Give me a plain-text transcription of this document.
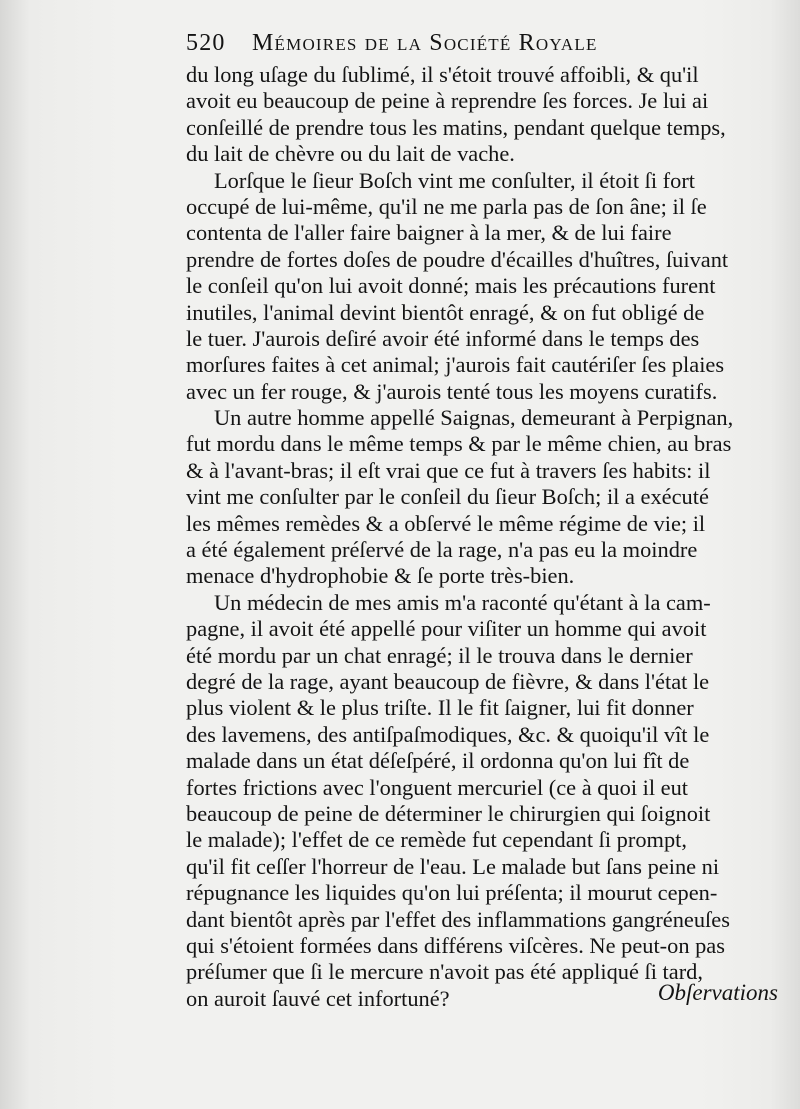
520 Mémoires de la Société Royale
du long uſage du ſublimé, il s'étoit trouvé affoibli, & qu'il
avoit eu beaucoup de peine à reprendre ſes forces. Je lui ai
conſeillé de prendre tous les matins, pendant quelque temps,
du lait de chèvre ou du lait de vache.
Lorſque le ſieur Boſch vint me conſulter, il étoit ſi fort
occupé de lui-même, qu'il ne me parla pas de ſon âne; il ſe
contenta de l'aller faire baigner à la mer, & de lui faire
prendre de fortes doſes de poudre d'écailles d'huîtres, ſuivant
le conſeil qu'on lui avoit donné; mais les précautions furent
inutiles, l'animal devint bientôt enragé, & on fut obligé de
le tuer. J'aurois deſiré avoir été informé dans le temps des
morſures faites à cet animal; j'aurois fait cautériſer ſes plaies
avec un fer rouge, & j'aurois tenté tous les moyens curatifs.
Un autre homme appellé Saignas, demeurant à Perpignan,
fut mordu dans le même temps & par le même chien, au bras
& à l'avant-bras; il eſt vrai que ce fut à travers ſes habits: il
vint me conſulter par le conſeil du ſieur Boſch; il a exécuté
les mêmes remèdes & a obſervé le même régime de vie; il
a été également préſervé de la rage, n'a pas eu la moindre
menace d'hydrophobie & ſe porte très-bien.
Un médecin de mes amis m'a raconté qu'étant à la cam-
pagne, il avoit été appellé pour viſiter un homme qui avoit
été mordu par un chat enragé; il le trouva dans le dernier
degré de la rage, ayant beaucoup de fièvre, & dans l'état le
plus violent & le plus triſte. Il le fit ſaigner, lui fit donner
des lavemens, des antiſpaſmodiques, &c. & quoiqu'il vît le
malade dans un état déſeſpéré, il ordonna qu'on lui fît de
fortes frictions avec l'onguent mercuriel (ce à quoi il eut
beaucoup de peine de déterminer le chirurgien qui ſoignoit
le malade); l'effet de ce remède fut cependant ſi prompt,
qu'il fit ceſſer l'horreur de l'eau. Le malade but ſans peine ni
répugnance les liquides qu'on lui préſenta; il mourut cepen-
dant bientôt après par l'effet des inflammations gangréneuſes
qui s'étoient formées dans différens viſcères. Ne peut-on pas
préſumer que ſi le mercure n'avoit pas été appliqué ſi tard,
on auroit ſauvé cet infortuné?	Obſervations
